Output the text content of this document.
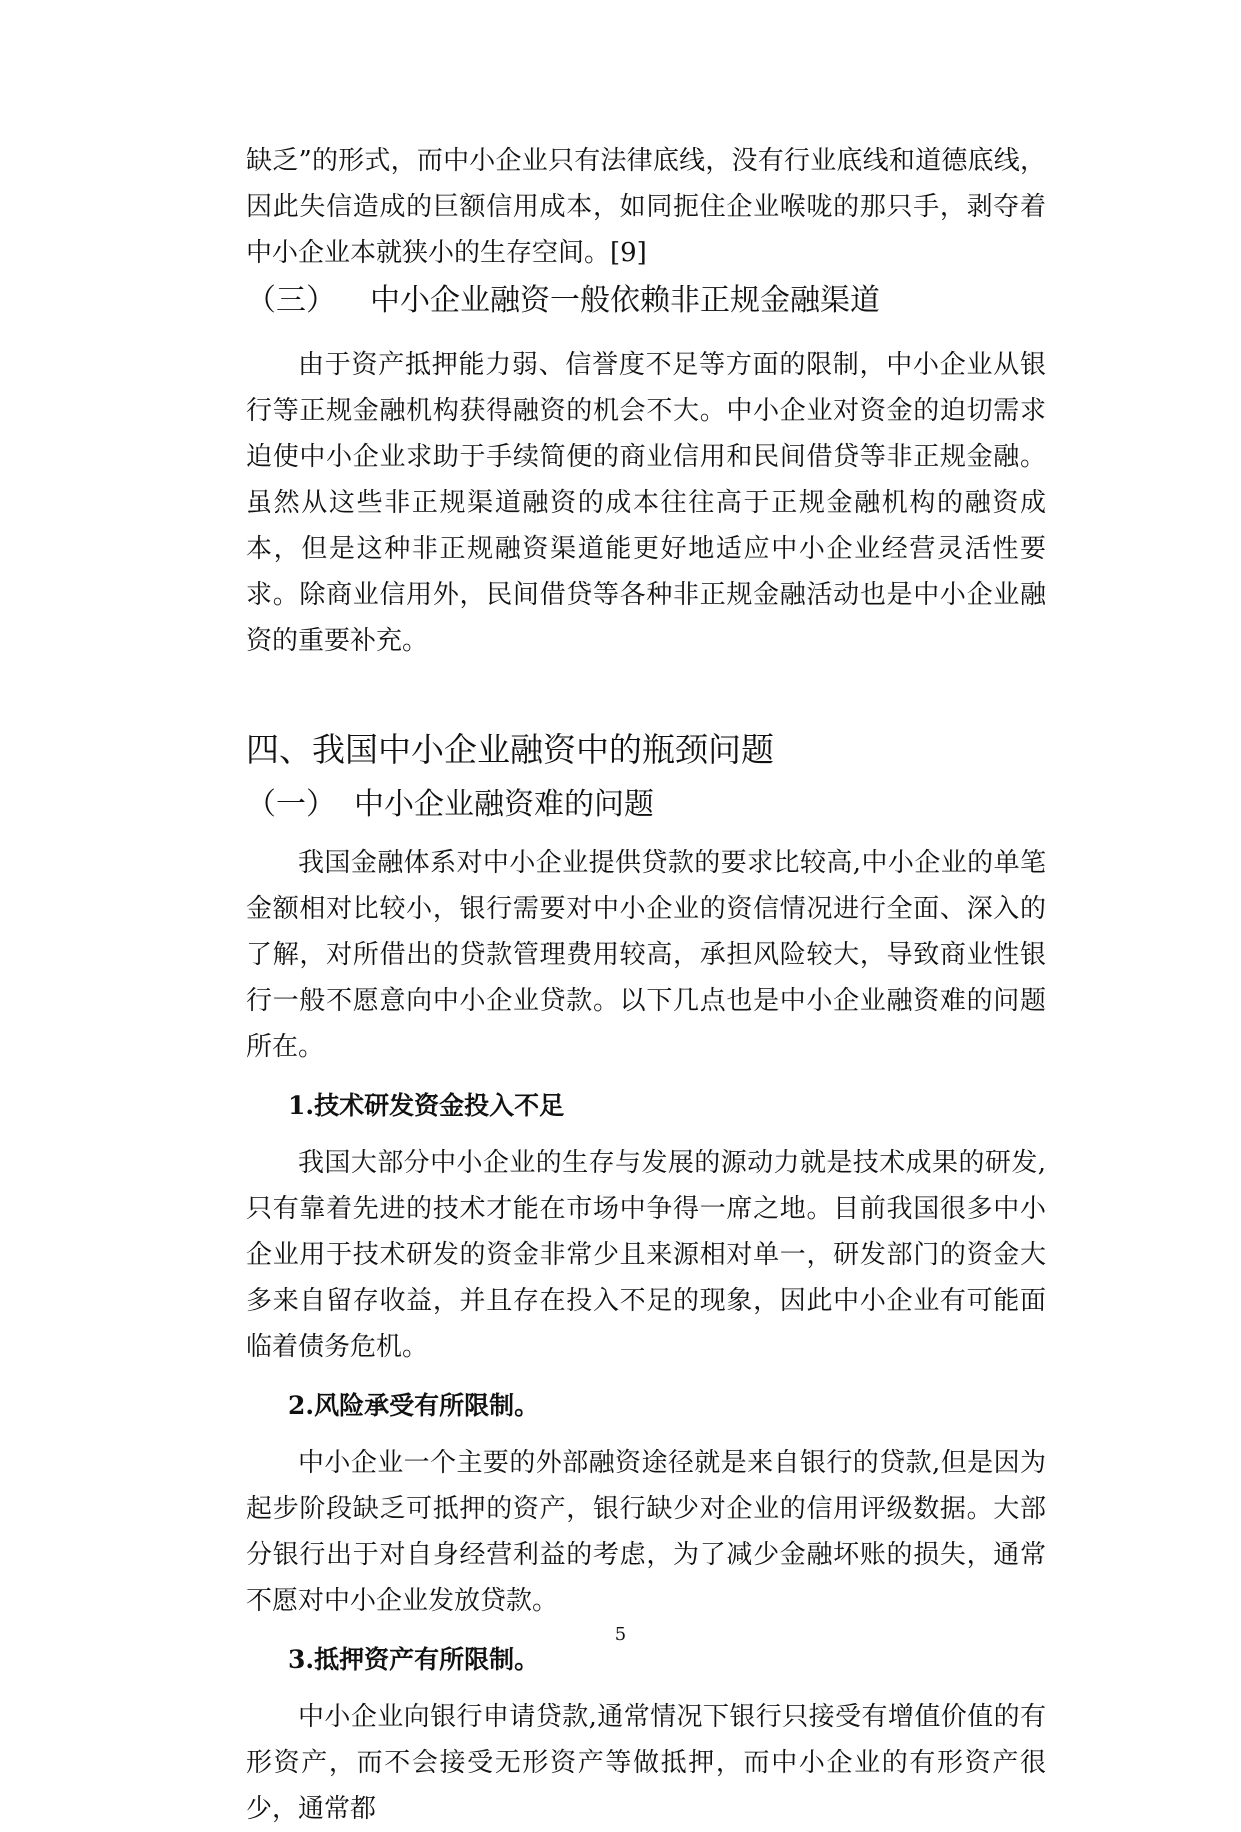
缺乏”的形式，而中小企业只有法律底线，没有行业底线和道德底线，因此失信造成的巨额信用成本，如同扼住企业喉咙的那只手，剥夺着中小企业本就狭小的生存空间。[9]

（三） 中小企业融资一般依赖非正规金融渠道

由于资产抵押能力弱、信誉度不足等方面的限制，中小企业从银行等正规金融机构获得融资的机会不大。中小企业对资金的迫切需求迫使中小企业求助于手续简便的商业信用和民间借贷等非正规金融。虽然从这些非正规渠道融资的成本往往高于正规金融机构的融资成本，但是这种非正规融资渠道能更好地适应中小企业经营灵活性要求。除商业信用外，民间借贷等各种非正规金融活动也是中小企业融资的重要补充。

四、我国中小企业融资中的瓶颈问题
（一） 中小企业融资难的问题

我国金融体系对中小企业提供贷款的要求比较高,中小企业的单笔金额相对比较小，银行需要对中小企业的资信情况进行全面、深入的了解，对所借出的贷款管理费用较高，承担风险较大，导致商业性银行一般不愿意向中小企业贷款。以下几点也是中小企业融资难的问题所在。

1.技术研发资金投入不足

我国大部分中小企业的生存与发展的源动力就是技术成果的研发,只有靠着先进的技术才能在市场中争得一席之地。目前我国很多中小企业用于技术研发的资金非常少且来源相对单一，研发部门的资金大多来自留存收益，并且存在投入不足的现象，因此中小企业有可能面临着债务危机。

2.风险承受有所限制。

中小企业一个主要的外部融资途径就是来自银行的贷款,但是因为起步阶段缺乏可抵押的资产，银行缺少对企业的信用评级数据。大部分银行出于对自身经营利益的考虑，为了减少金融坏账的损失，通常不愿对中小企业发放贷款。

3.抵押资产有所限制。

中小企业向银行申请贷款,通常情况下银行只接受有增值价值的有形资产，而不会接受无形资产等做抵押，而中小企业的有形资产很少，通常都

5
